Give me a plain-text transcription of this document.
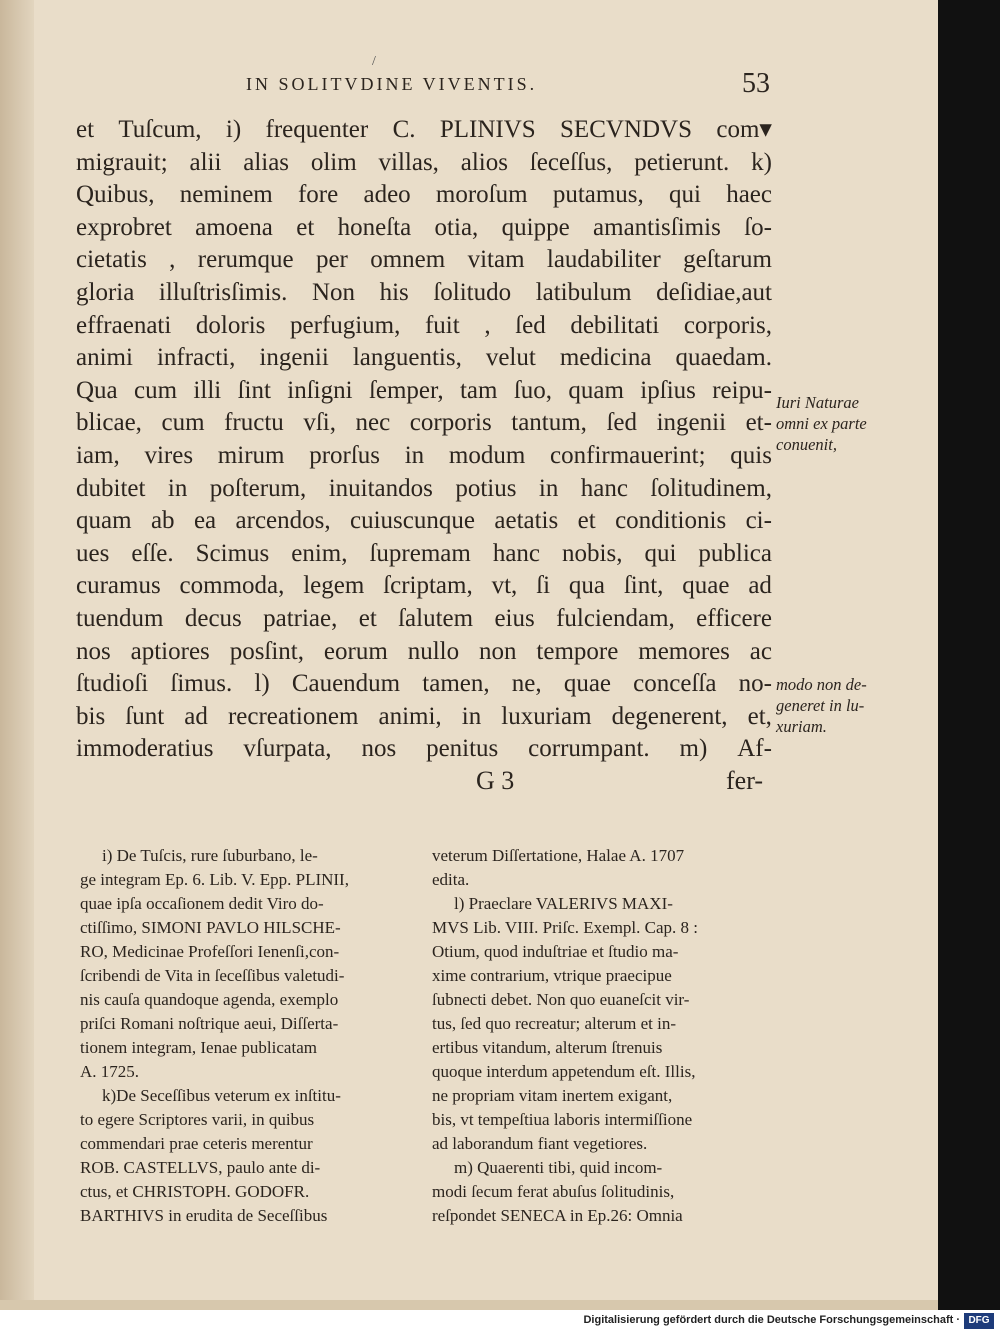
/
IN SOLITVDINE VIVENTIS.	53
et Tuſcum, i) frequenter C. PLINIVS SECVNDVS com▾
migrauit; alii alias olim villas, alios ſeceſſus, petierunt. k)
Quibus, neminem fore adeo moroſum putamus, qui haec
exprobret amoena et honeſta otia, quippe amantisſimis ſo-
cietatis , rerumque per omnem vitam laudabiliter geſtarum
gloria illuſtrisſimis. Non his ſolitudo latibulum deſidiae,aut
effraenati doloris perfugium, fuit , ſed debilitati corporis,
animi infracti, ingenii languentis, velut medicina quaedam.
Qua cum illi ſint inſigni ſemper, tam ſuo, quam ipſius reipu-
blicae, cum fructu vſi, nec corporis tantum, ſed ingenii et-
iam, vires mirum prorſus in modum confirmauerint; quis
dubitet in poſterum, inuitandos potius in hanc ſolitudinem,
quam ab ea arcendos, cuiuscunque aetatis et conditionis ci-
ues eſſe. Scimus enim, ſupremam hanc nobis, qui publica
curamus commoda, legem ſcriptam, vt, ſi qua ſint, quae ad
tuendum decus patriae, et ſalutem eius fulciendam, efficere
nos aptiores posſint, eorum nullo non tempore memores ac
ſtudioſi ſimus. l) Cauendum tamen, ne, quae conceſſa no-
bis ſunt ad recreationem animi, in luxuriam degenerent, et,
immoderatius vſurpata, nos penitus corrumpant. m) Af-
G 3	fer-
Iuri Naturae
omni ex parte
conuenit,
modo non de-
generet in lu-
xuriam.
i) De Tuſcis, rure ſuburbano, le-
ge integram Ep. 6. Lib. V. Epp. PLINII,
quae ipſa occaſionem dedit Viro do-
ctiſſimo, SIMONI PAVLO HILSCHE-
RO, Medicinae Profeſſori Ienenſi,con-
ſcribendi de Vita in ſeceſſibus valetudi-
nis cauſa quandoque agenda, exemplo
priſci Romani noſtrique aeui, Diſſerta-
tionem integram, Ienae publicatam
A. 1725.
k)De Seceſſibus veterum ex inſtitu-
to egere Scriptores varii, in quibus
commendari prae ceteris merentur
ROB. CASTELLVS, paulo ante di-
ctus, et CHRISTOPH. GODOFR.
BARTHIVS in erudita de Seceſſibus
veterum Diſſertatione, Halae A. 1707
edita.
l) Praeclare VALERIVS MAXI-
MVS Lib. VIII. Priſc. Exempl. Cap. 8 :
Otium, quod induſtriae et ſtudio ma-
xime contrarium, vtrique praecipue
ſubnecti debet. Non quo euaneſcit vir-
tus, ſed quo recreatur; alterum et in-
ertibus vitandum, alterum ſtrenuis
quoque interdum appetendum eſt. Illis,
ne propriam vitam inertem exigant,
bis, vt tempeſtiua laboris intermiſſione
ad laborandum fiant vegetiores.
m) Quaerenti tibi, quid incom-
modi ſecum ferat abuſus ſolitudinis,
reſpondet SENECA in Ep.26: Omnia
Digitalisierung gefördert durch die Deutsche Forschungsgemeinschaft · DFG
